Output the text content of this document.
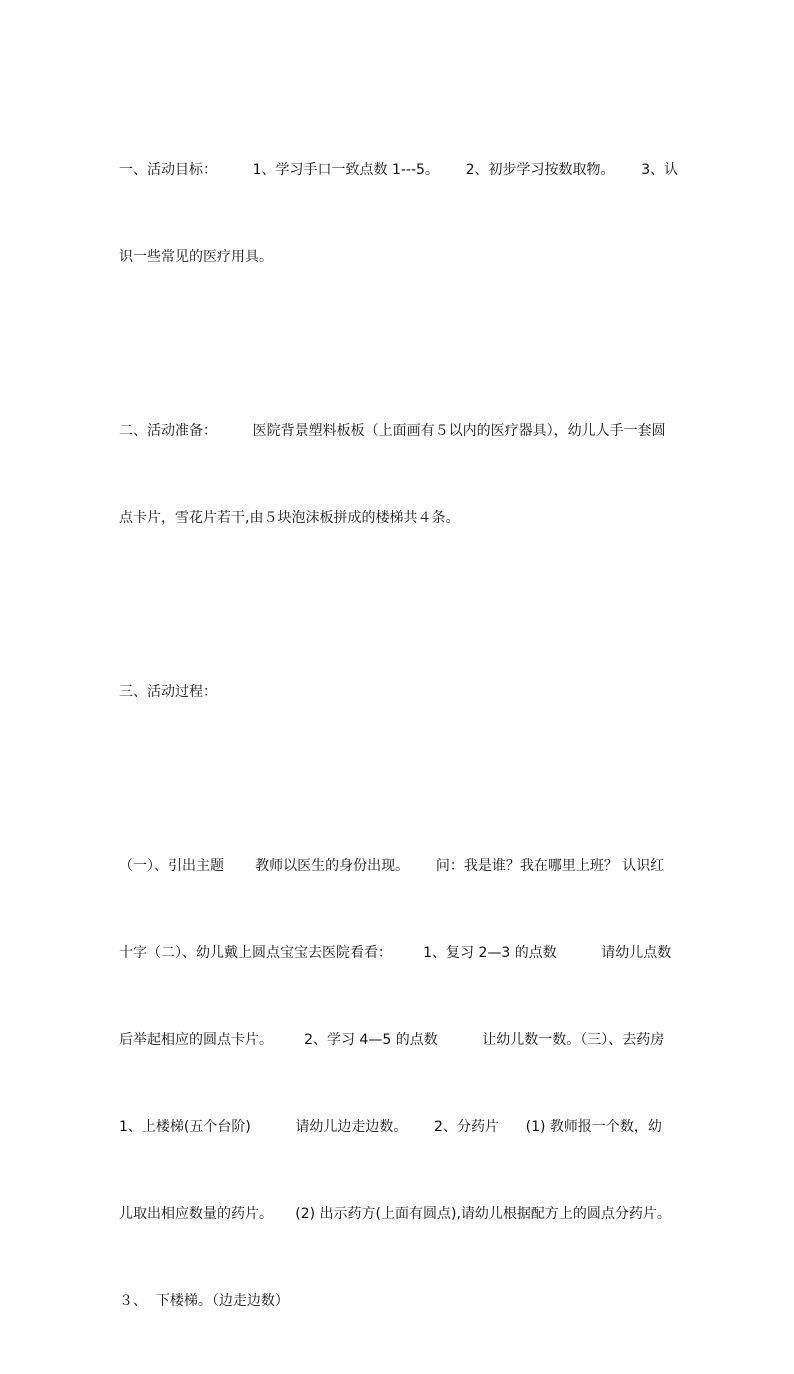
一、活动目标：        1、学习手口一致点数 1---5。      2、初步学习按数取物。      3、认

识一些常见的医疗用具。

二、活动准备：        医院背景塑料板板（上面画有５以内的医疗器具），幼儿人手一套圆

点卡片，雪花片若干,由５块泡沫板拼成的楼梯共４条。

三、活动过程：

（一）、引出主题       教师以医生的身份出现。      问：我是谁？我在哪里上班？ 认识红

十字（二）、幼儿戴上圆点宝宝去医院看看：       1、复习 2—3 的点数          请幼儿点数

后举起相应的圆点卡片。       2、学习 4—5 的点数          让幼儿数一数。（三）、去药房

1、上楼梯(五个台阶)          请幼儿边走边数。      2、分药片      (1) 教师报一个数，幼

儿取出相应数量的药片。     (2) 出示药方(上面有圆点),请幼儿根据配方上的圆点分药片。

３、  下楼梯。（边走边数）
